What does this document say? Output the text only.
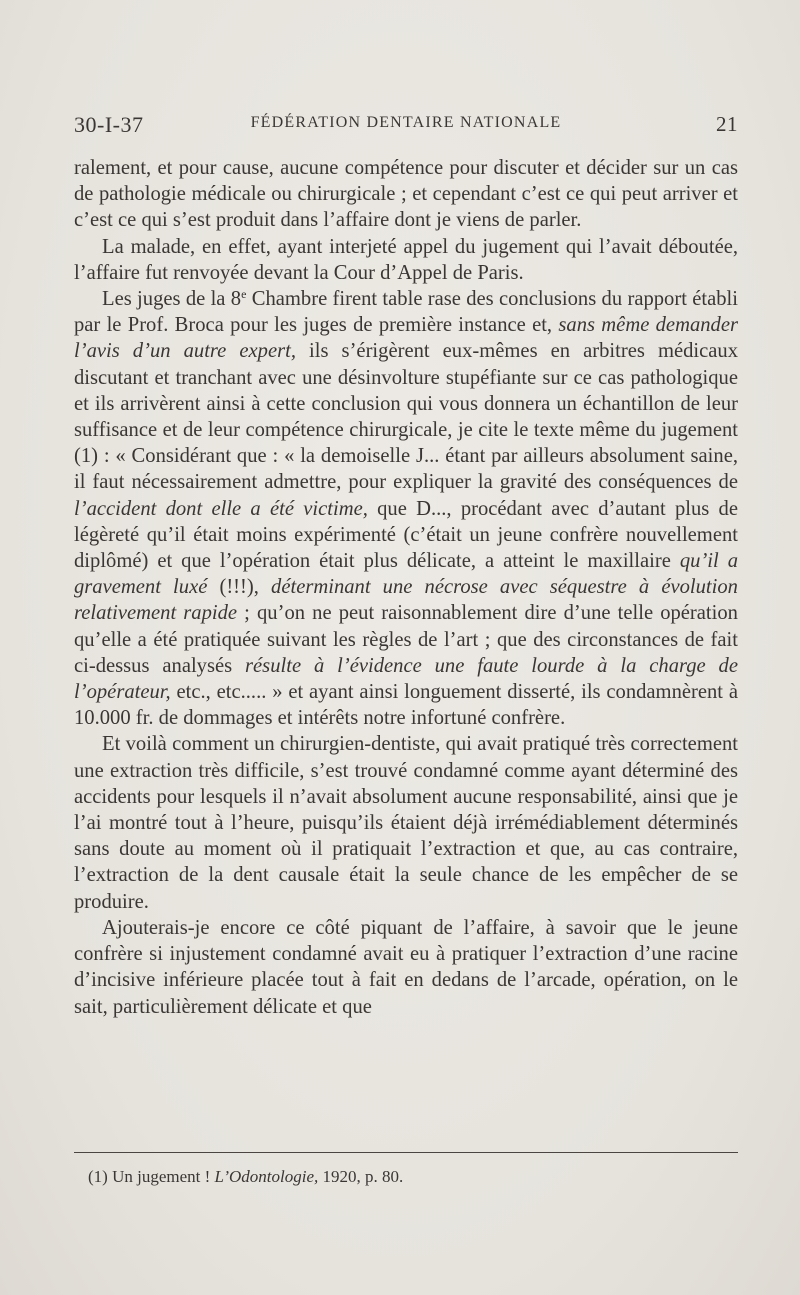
30-I-37	FÉDÉRATION DENTAIRE NATIONALE	21

ralement, et pour cause, aucune compétence pour discuter et décider sur un cas de pathologie médicale ou chirurgicale ; et cependant c’est ce qui peut arriver et c’est ce qui s’est produit dans l’affaire dont je viens de parler.

La malade, en effet, ayant interjeté appel du jugement qui l’avait déboutée, l’affaire fut renvoyée devant la Cour d’Appel de Paris.

Les juges de la 8e Chambre firent table rase des conclusions du rapport établi par le Prof. Broca pour les juges de première instance et, sans même demander l’avis d’un autre expert, ils s’érigèrent eux-mêmes en arbitres médicaux discutant et tranchant avec une désinvolture stupéfiante sur ce cas pathologique et ils arrivèrent ainsi à cette conclusion qui vous donnera un échantillon de leur suffisance et de leur compétence chirurgicale, je cite le texte même du jugement (1) : « Considérant que : « la demoiselle J... étant par ailleurs absolument saine, il faut nécessairement admettre, pour expliquer la gravité des conséquences de l’accident dont elle a été victime, que D..., procédant avec d’autant plus de légèreté qu’il était moins expérimenté (c’était un jeune confrère nouvellement diplômé) et que l’opération était plus délicate, a atteint le maxillaire qu’il a gravement luxé (!!!), déterminant une nécrose avec séquestre à évolution relativement rapide ; qu’on ne peut raisonnablement dire d’une telle opération qu’elle a été pratiquée suivant les règles de l’art ; que des circonstances de fait ci-dessus analysés résulte à l’évidence une faute lourde à la charge de l’opérateur, etc., etc..... » et ayant ainsi longuement disserté, ils condamnèrent à 10.000 fr. de dommages et intérêts notre infortuné confrère.

Et voilà comment un chirurgien-dentiste, qui avait pratiqué très correctement une extraction très difficile, s’est trouvé condamné comme ayant déterminé des accidents pour lesquels il n’avait absolument aucune responsabilité, ainsi que je l’ai montré tout à l’heure, puisqu’ils étaient déjà irrémédiablement déterminés sans doute au moment où il pratiquait l’extraction et que, au cas contraire, l’extraction de la dent causale était la seule chance de les empêcher de se produire.

Ajouterais-je encore ce côté piquant de l’affaire, à savoir que le jeune confrère si injustement condamné avait eu à pratiquer l’extraction d’une racine d’incisive inférieure placée tout à fait en dedans de l’arcade, opération, on le sait, particulièrement délicate et que

(1) Un jugement ! L’Odontologie, 1920, p. 80.
